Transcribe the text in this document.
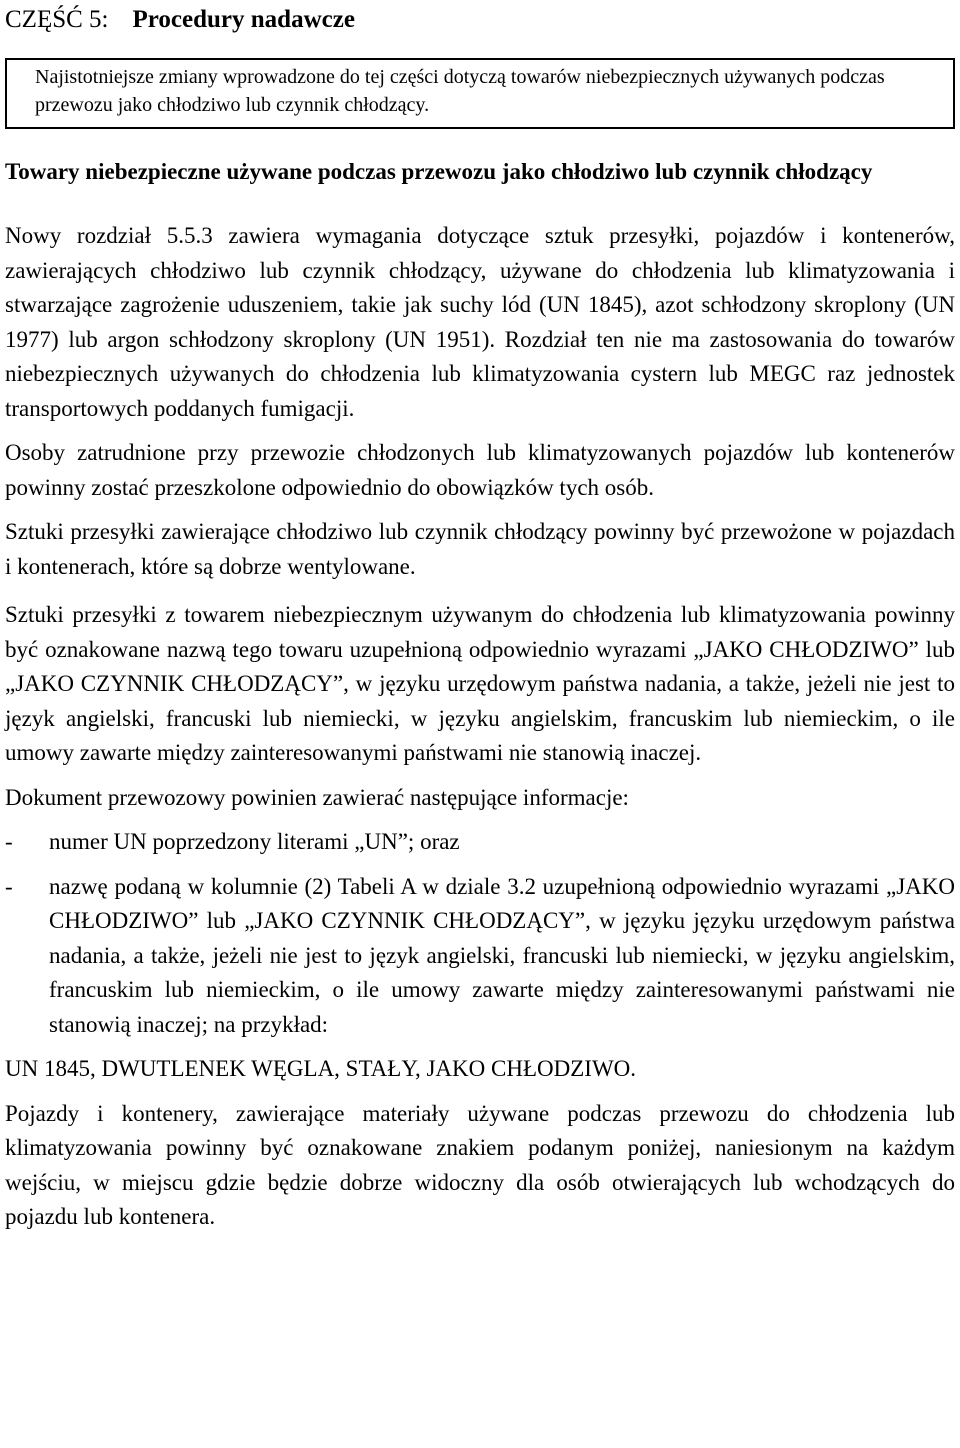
CZĘŚĆ 5: Procedury nadawcze
Najistotniejsze zmiany wprowadzone do tej części dotyczą towarów niebezpiecznych używanych podczas przewozu jako chłodziwo lub czynnik chłodzący.
Towary niebezpieczne używane podczas przewozu jako chłodziwo lub czynnik chłodzący

Nowy rozdział 5.5.3 zawiera wymagania dotyczące sztuk przesyłki, pojazdów i kontenerów, zawierających chłodziwo lub czynnik chłodzący, używane do chłodzenia lub klimatyzowania i stwarzające zagrożenie uduszeniem, takie jak suchy lód (UN 1845), azot schłodzony skroplony (UN 1977) lub argon schłodzony skroplony (UN 1951). Rozdział ten nie ma zastosowania do towarów niebezpiecznych używanych do chłodzenia lub klimatyzowania cystern lub MEGC raz jednostek transportowych poddanych fumigacji.

Osoby zatrudnione przy przewozie chłodzonych lub klimatyzowanych pojazdów lub kontenerów powinny zostać przeszkolone odpowiednio do obowiązków tych osób.

Sztuki przesyłki zawierające chłodziwo lub czynnik chłodzący powinny być przewożone w pojazdach i kontenerach, które są dobrze wentylowane.

Sztuki przesyłki z towarem niebezpiecznym używanym do chłodzenia lub klimatyzowania powinny być oznakowane nazwą tego towaru uzupełnioną odpowiednio wyrazami „JAKO CHŁODZIWO” lub „JAKO CZYNNIK CHŁODZĄCY”, w języku urzędowym państwa nadania, a także, jeżeli nie jest to język angielski, francuski lub niemiecki, w języku angielskim, francuskim lub niemieckim, o ile umowy zawarte między zainteresowanymi państwami nie stanowią inaczej.

Dokument przewozowy powinien zawierać następujące informacje:

-	numer UN poprzedzony literami „UN”; oraz
-	nazwę podaną w kolumnie (2) Tabeli A w dziale 3.2 uzupełnioną odpowiednio wyrazami „JAKO CHŁODZIWO” lub „JAKO CZYNNIK CHŁODZĄCY”, w języku języku urzędowym państwa nadania, a także, jeżeli nie jest to język angielski, francuski lub niemiecki, w języku angielskim, francuskim lub niemieckim, o ile umowy zawarte między zainteresowanymi państwami nie stanowią inaczej; na przykład:

UN 1845, DWUTLENEK WĘGLA, STAŁY, JAKO CHŁODZIWO.

Pojazdy i kontenery, zawierające materiały używane podczas przewozu do chłodzenia lub klimatyzowania powinny być oznakowane znakiem podanym poniżej, naniesionym na każdym wejściu, w miejscu gdzie będzie dobrze widoczny dla osób otwierających lub wchodzących do pojazdu lub kontenera.
